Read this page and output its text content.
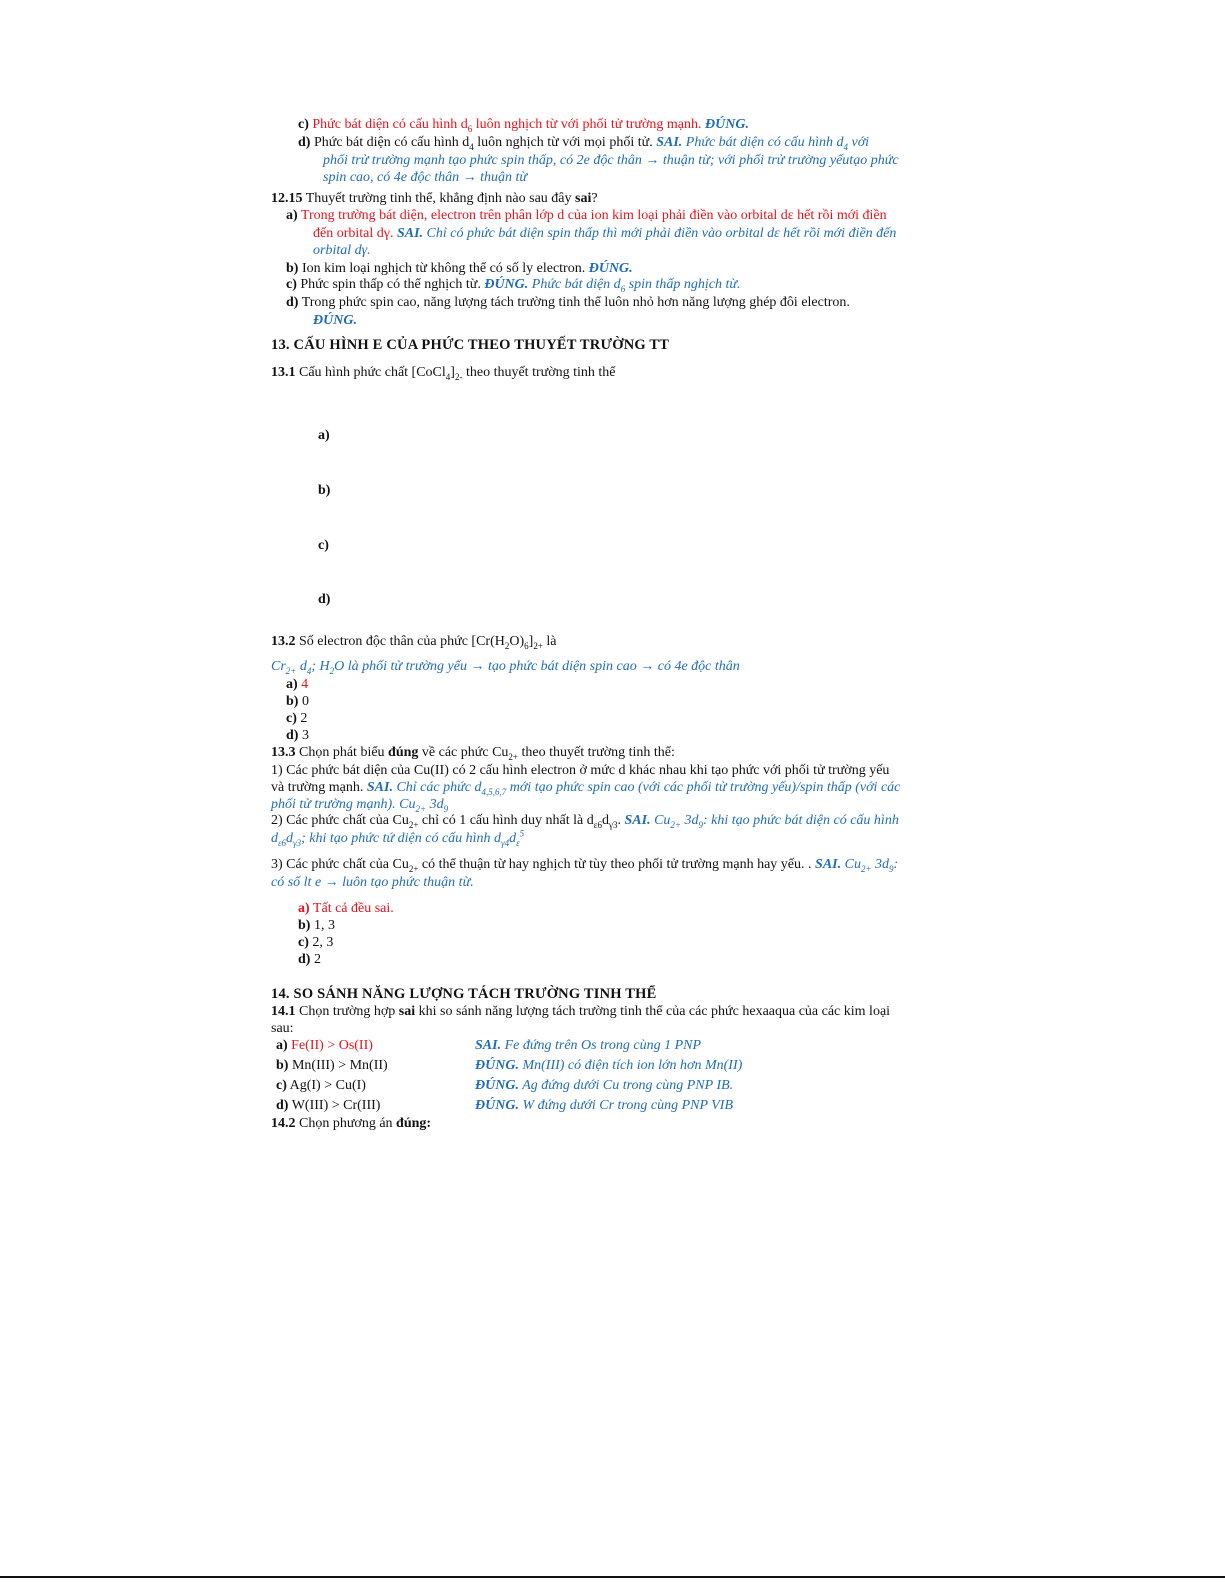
c) Phức bát diện có cấu hình $d_6$ luôn nghịch từ với phối tử trường mạnh. ĐÚNG.
d) Phức bát diện có cấu hình $d_4$ luôn nghịch từ với mọi phối tử. SAI. Phức bát diện có cấu hình $d_4$ với
phối trử trường mạnh tạo phức spin thấp, có 2e độc thân → thuận từ; với phối trử trường yếutạo phức
spin cao, có 4e độc thân → thuận từ
12.15 Thuyết trường tinh thể, khẳng định nào sau đây sai?
a) Trong trường bát diện, electron trên phân lớp d của ion kim loại phải điền vào orbital dε hết rồi mới điền
đến orbital dγ. SAI. Chỉ có phức bát diện spin thấp thì mới phải điền vào orbital dε hết rồi mới điền đến
orbital dγ.
b) Ion kim loại nghịch từ không thể có số ly electron. ĐÚNG.
c) Phức spin thấp có thể nghịch từ. ĐÚNG. Phức bát diện $d_6$ spin thấp nghịch từ.
d) Trong phức spin cao, năng lượng tách trường tinh thể luôn nhỏ hơn năng lượng ghép đôi electron.
ĐÚNG.
13. CẤU HÌNH E CỦA PHỨC THEO THUYẾT TRƯỜNG TT
13.1 Cấu hình phức chất $[CoCl_4]_{2-}$ theo thuyết trường tinh thể
a)
b)
c)
d)
13.2 Số electron độc thân của phức $[Cr(H_2O)_6]_{2+}$ là
$Cr_{2+}$ $d_4$; $H_2O$ là phối tử trường yếu → tạo phức bát diện spin cao → có 4e độc thân
a) 4
b) 0
c) 2
d) 3
13.3 Chọn phát biểu đúng về các phức $Cu_{2+}$ theo thuyết trường tinh thể:
1) Các phức bát diện của Cu(II) có 2 cấu hình electron ở mức d khác nhau khi tạo phức với phối tử trường yếu
và trường mạnh. SAI. Chỉ các phức $d_{4,5,6,7}$ mới tạo phức spin cao (với các phối tử trường yếu)/spin thấp (với các
phối tử trường mạnh). $Cu_{2+}$ $3d_9$
2) Các phức chất của $Cu_{2+}$ chỉ có 1 cấu hình duy nhất là $d_{\varepsilon 6}d_{\gamma 3}$. SAI. $Cu_{2+}$ $3d_9$: khi tạo phức bát diện có cấu hình
$d_{\varepsilon 6}d_{\gamma 3}$; khi tạo phức tứ diện có cấu hình $d_{\gamma 4}d_\varepsilon^5$
3) Các phức chất của $Cu_{2+}$ có thể thuận từ hay nghịch từ tùy theo phối tử trường mạnh hay yếu. . SAI. $Cu_{2+}$ $3d_9$:
có số lt e → luôn tạo phức thuận từ.
a) Tất cả đều sai.
b) 1, 3
c) 2, 3
d) 2
14. SO SÁNH NĂNG LƯỢNG TÁCH TRƯỜNG TINH THỂ
14.1 Chọn trường hợp sai khi so sánh năng lượng tách trường tinh thể của các phức hexaaqua của các kim loại
sau:
a) Fe(II) > Os(II)	SAI. Fe đứng trên Os trong cùng 1 PNP
b) Mn(III) > Mn(II)	ĐÚNG. Mn(III) có điện tích ion lớn hơn Mn(II)
c) Ag(I) > Cu(I)	ĐÚNG. Ag đứng dưới Cu trong cùng PNP IB.
d) W(III) > Cr(III)	ĐÚNG. W đứng dưới Cr trong cùng PNP VIB
14.2 Chọn phương án đúng:
